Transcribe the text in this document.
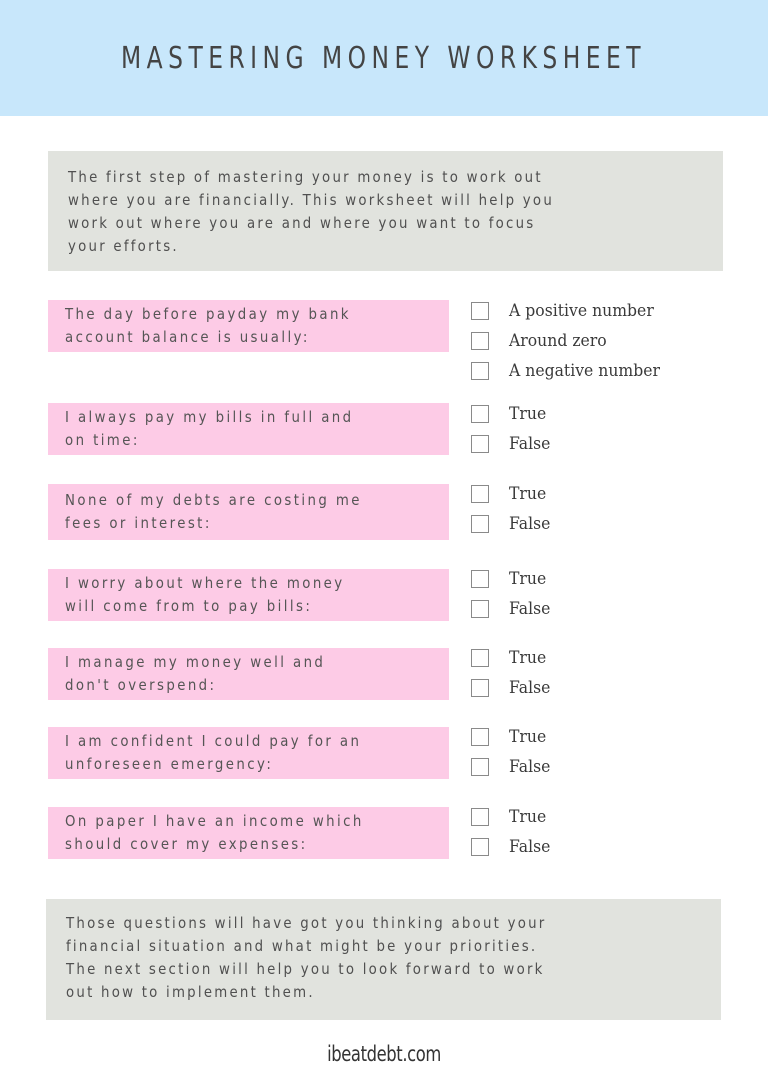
MASTERING MONEY WORKSHEET
The first step of mastering your money is to work out
where you are financially. This worksheet will help you
work out where you are and where you want to focus
your efforts.
The day before payday my bank
account balance is usually:
A positive number
Around zero
A negative number
I always pay my bills in full and
on time:
True
False
None of my debts are costing me
fees or interest:
True
False
I worry about where the money
will come from to pay bills:
True
False
I manage my money well and
don't overspend:
True
False
I am confident I could pay for an
unforeseen emergency:
True
False
On paper I have an income which
should cover my expenses:
True
False
Those questions will have got you thinking about your
financial situation and what might be your priorities.
The next section will help you to look forward to work
out how to implement them.
ibeatdebt.com
